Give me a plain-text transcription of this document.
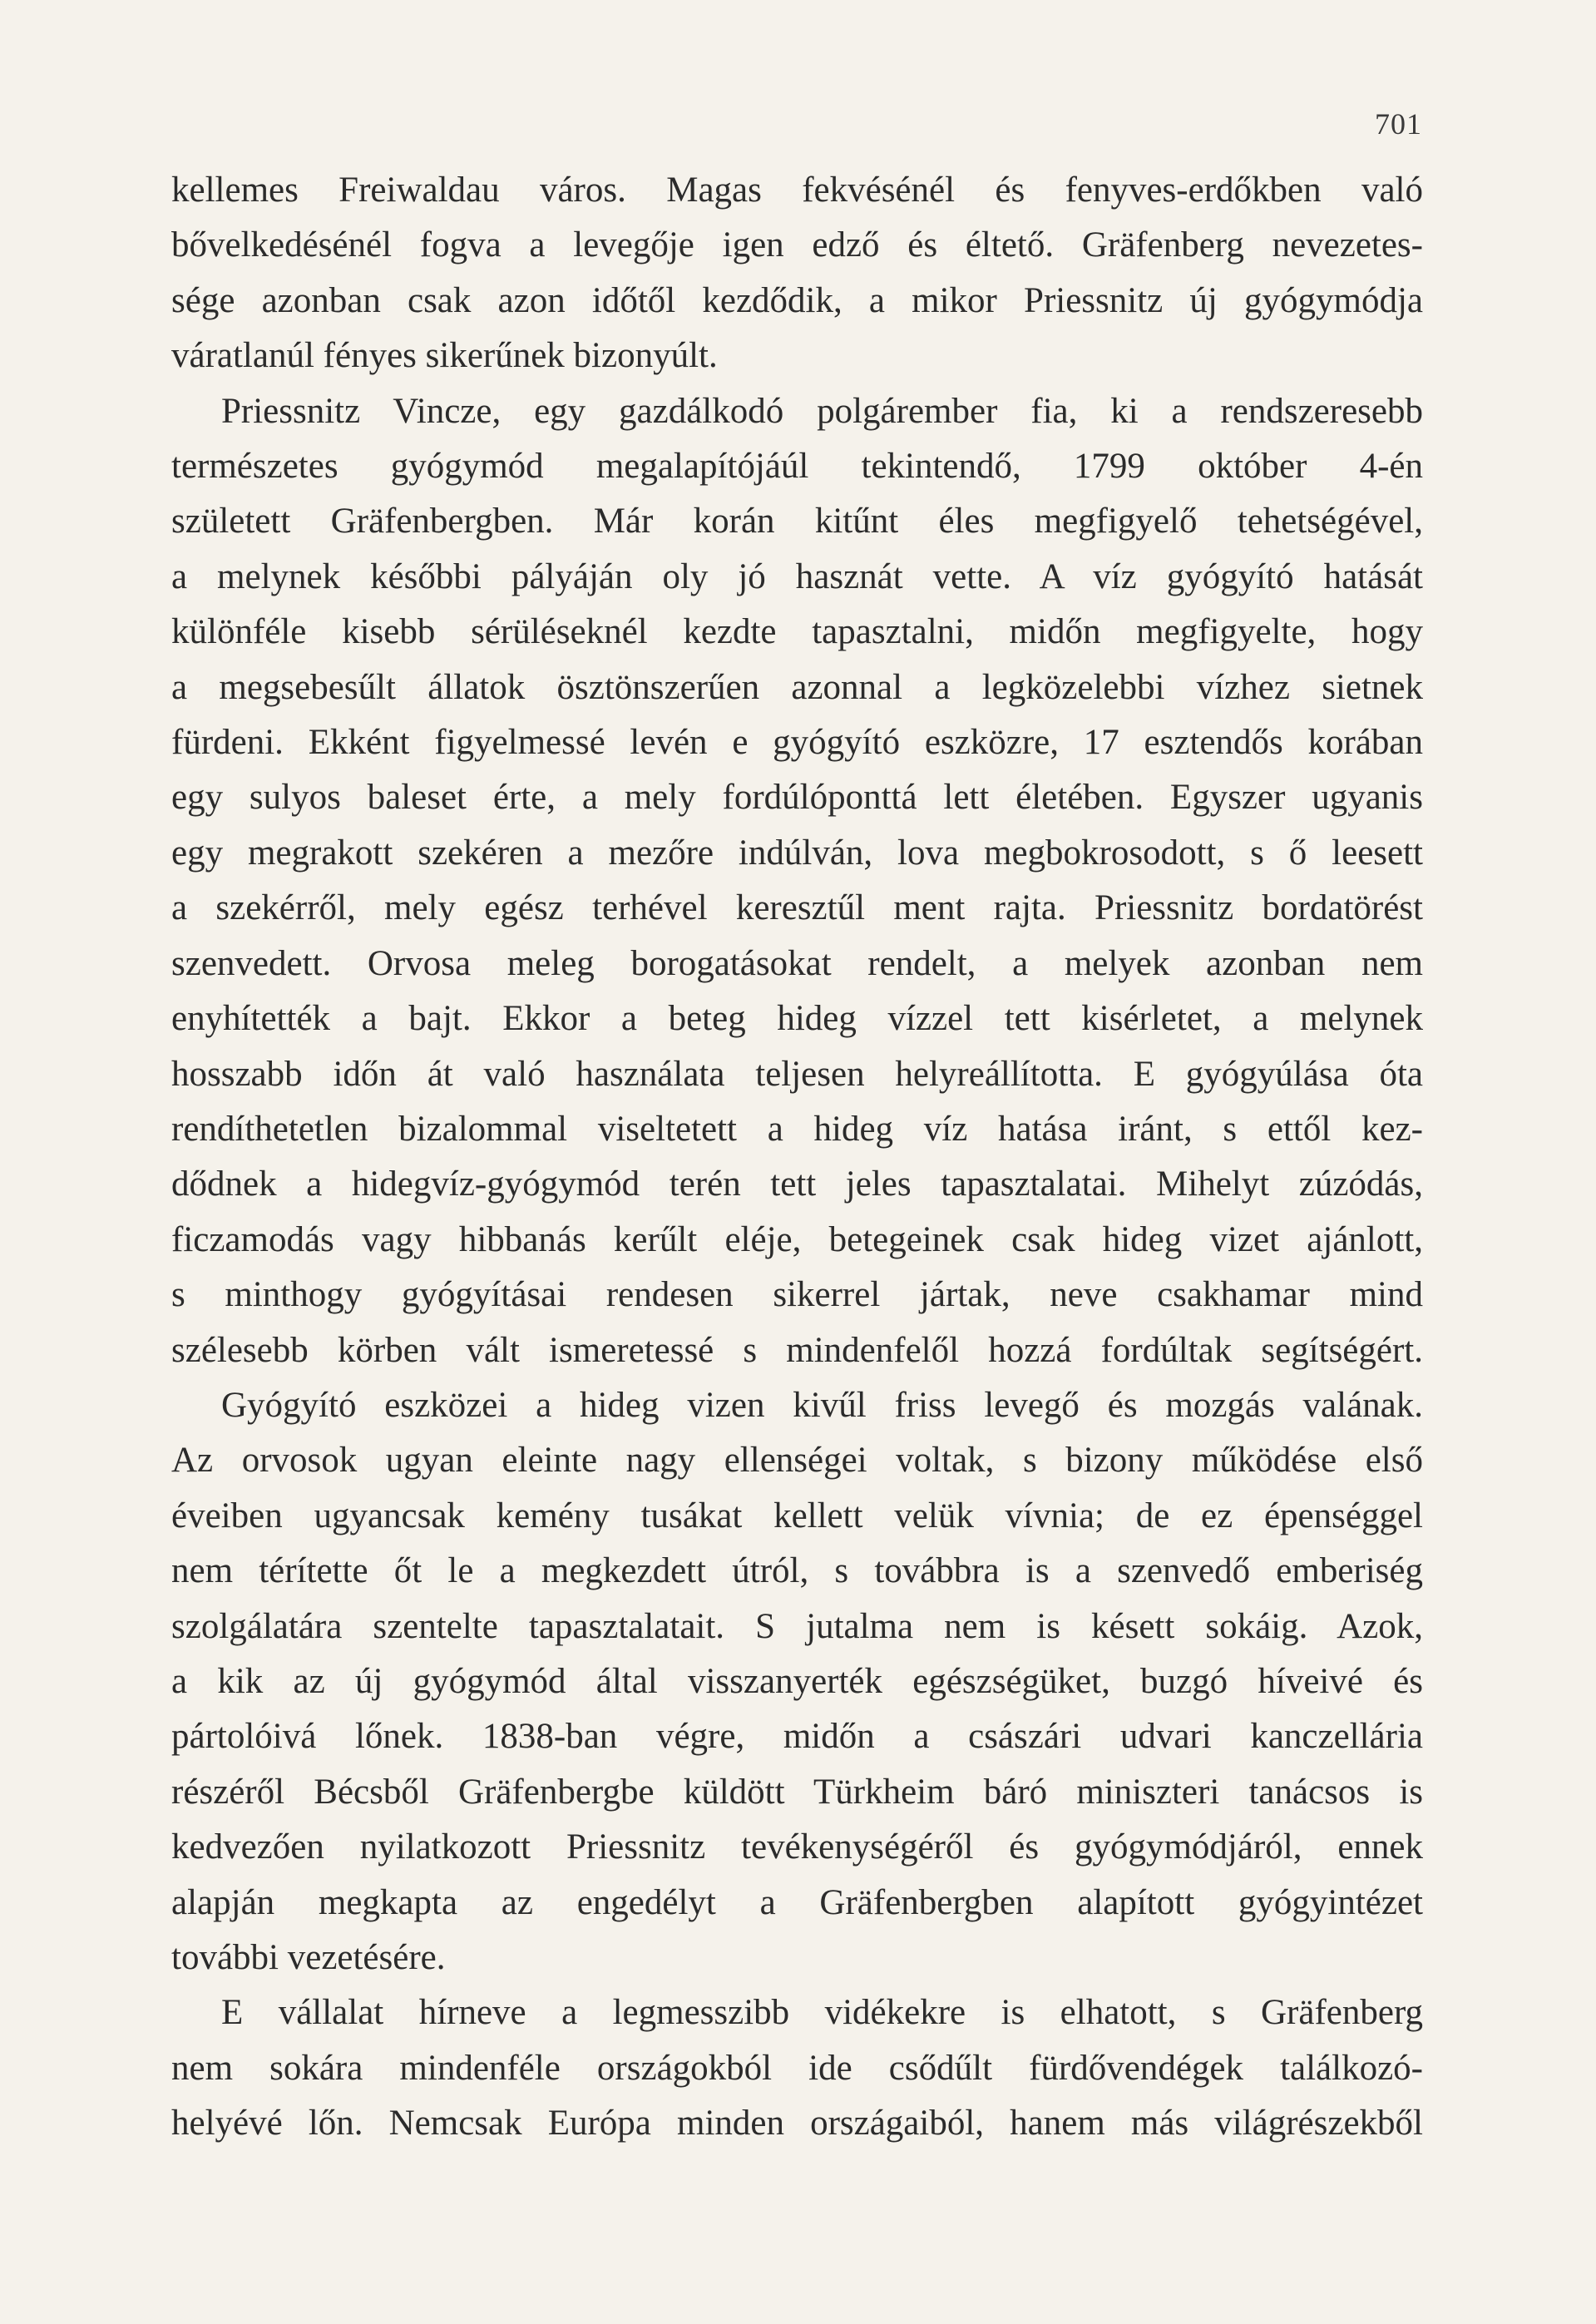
701
kellemes Freiwaldau város. Magas fekvésénél és fenyves-erdőkben való
bővelkedésénél fogva a levegője igen edző és éltető. Gräfenberg nevezetes-
sége azonban csak azon időtől kezdődik, a mikor Priessnitz új gyógymódja
váratlanúl fényes sikerűnek bizonyúlt.
Priessnitz Vincze, egy gazdálkodó polgárember fia, ki a rendszeresebb
természetes gyógymód megalapítójáúl tekintendő, 1799 október 4-én
született Gräfenbergben. Már korán kitűnt éles megfigyelő tehetségével,
a melynek későbbi pályáján oly jó hasznát vette. A víz gyógyító hatását
különféle kisebb sérüléseknél kezdte tapasztalni, midőn megfigyelte, hogy
a megsebesűlt állatok ösztönszerűen azonnal a legközelebbi vízhez sietnek
fürdeni. Ekként figyelmessé levén e gyógyító eszközre, 17 esztendős korában
egy sulyos baleset érte, a mely fordúlóponttá lett életében. Egyszer ugyanis
egy megrakott szekéren a mezőre indúlván, lova megbokrosodott, s ő leesett
a szekérről, mely egész terhével keresztűl ment rajta. Priessnitz bordatörést
szenvedett. Orvosa meleg borogatásokat rendelt, a melyek azonban nem
enyhítették a bajt. Ekkor a beteg hideg vízzel tett kisérletet, a melynek
hosszabb időn át való használata teljesen helyreállította. E gyógyúlása óta
rendíthetetlen bizalommal viseltetett a hideg víz hatása iránt, s ettől kez-
dődnek a hidegvíz-gyógymód terén tett jeles tapasztalatai. Mihelyt zúzódás,
ficzamodás vagy hibbanás kerűlt eléje, betegeinek csak hideg vizet ajánlott,
s minthogy gyógyításai rendesen sikerrel jártak, neve csakhamar mind
szélesebb körben vált ismeretessé s mindenfelől hozzá fordúltak segítségért.
Gyógyító eszközei a hideg vizen kivűl friss levegő és mozgás valának.
Az orvosok ugyan eleinte nagy ellenségei voltak, s bizony működése első
éveiben ugyancsak kemény tusákat kellett velük vívnia; de ez épenséggel
nem térítette őt le a megkezdett útról, s továbbra is a szenvedő emberiség
szolgálatára szentelte tapasztalatait. S jutalma nem is késett sokáig. Azok,
a kik az új gyógymód által visszanyerték egészségüket, buzgó híveivé és
pártolóivá lőnek. 1838-ban végre, midőn a császári udvari kanczellária
részéről Bécsből Gräfenbergbe küldött Türkheim báró miniszteri tanácsos is
kedvezően nyilatkozott Priessnitz tevékenységéről és gyógymódjáról, ennek
alapján megkapta az engedélyt a Gräfenbergben alapított gyógyintézet
további vezetésére.
E vállalat hírneve a legmesszibb vidékekre is elhatott, s Gräfenberg
nem sokára mindenféle országokból ide csődűlt fürdővendégek találkozó-
helyévé lőn. Nemcsak Európa minden országaiból, hanem más világrészekből
